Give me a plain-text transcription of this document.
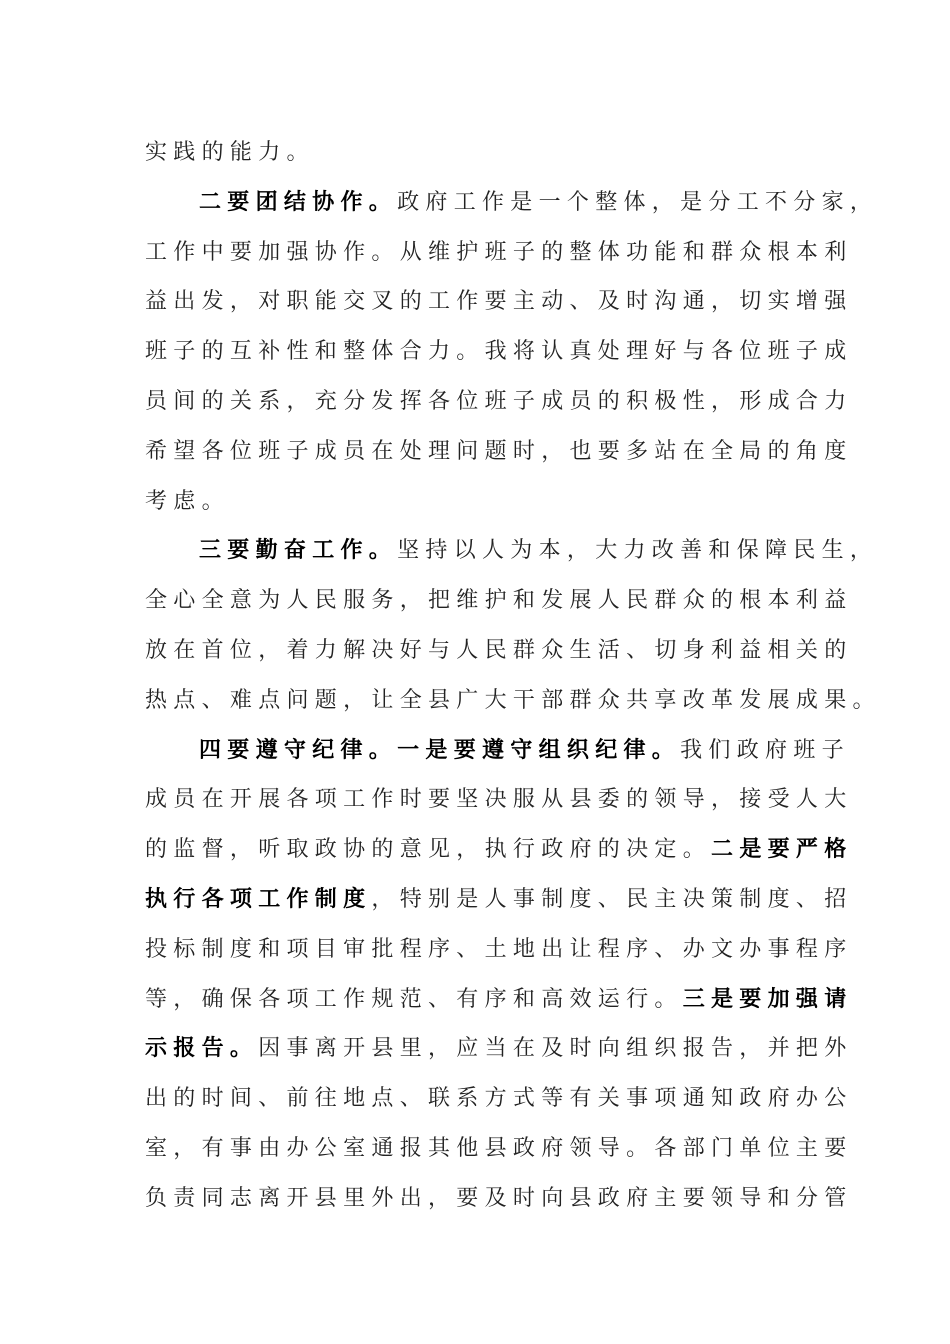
实践的能力。
二要团结协作。政府工作是一个整体，是分工不分家，
工作中要加强协作。从维护班子的整体功能和群众根本利
益出发，对职能交叉的工作要主动、及时沟通，切实增强
班子的互补性和整体合力。我将认真处理好与各位班子成
员间的关系，充分发挥各位班子成员的积极性，形成合力
希望各位班子成员在处理问题时，也要多站在全局的角度
考虑。
三要勤奋工作。坚持以人为本，大力改善和保障民生，
全心全意为人民服务，把维护和发展人民群众的根本利益
放在首位，着力解决好与人民群众生活、切身利益相关的
热点、难点问题，让全县广大干部群众共享改革发展成果。
四要遵守纪律。一是要遵守组织纪律。我们政府班子
成员在开展各项工作时要坚决服从县委的领导，接受人大
的监督，听取政协的意见，执行政府的决定。二是要严格
执行各项工作制度，特别是人事制度、民主决策制度、招
投标制度和项目审批程序、土地出让程序、办文办事程序
等，确保各项工作规范、有序和高效运行。三是要加强请
示报告。因事离开县里，应当在及时向组织报告，并把外
出的时间、前往地点、联系方式等有关事项通知政府办公
室，有事由办公室通报其他县政府领导。各部门单位主要
负责同志离开县里外出，要及时向县政府主要领导和分管
